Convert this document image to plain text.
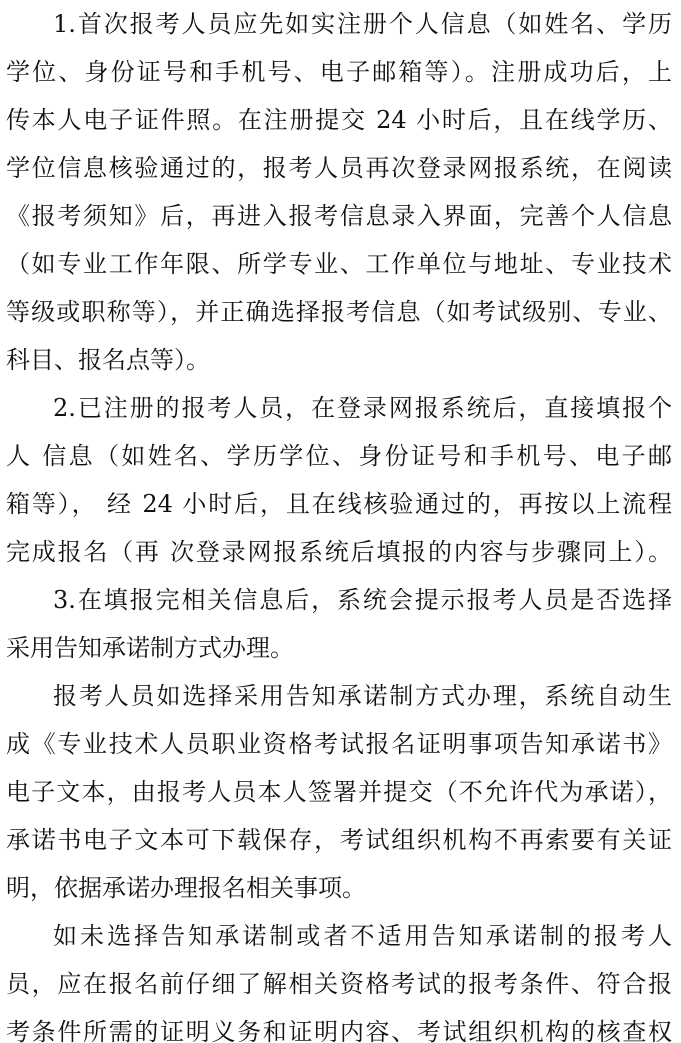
1.首次报考人员应先如实注册个人信息（如姓名、学历
学位、身份证号和手机号、电子邮箱等）。注册成功后，上
传本人电子证件照。在注册提交 24 小时后，且在线学历、
学位信息核验通过的，报考人员再次登录网报系统，在阅读
《报考须知》后，再进入报考信息录入界面，完善个人信息
（如专业工作年限、所学专业、工作单位与地址、专业技术
等级或职称等），并正确选择报考信息（如考试级别、专业、
科目、报名点等）。
2.已注册的报考人员，在登录网报系统后，直接填报个
人 信息（如姓名、学历学位、身份证号和手机号、电子邮
箱等）， 经 24 小时后，且在线核验通过的，再按以上流程
完成报名（再 次登录网报系统后填报的内容与步骤同上）。
3.在填报完相关信息后，系统会提示报考人员是否选择
采用告知承诺制方式办理。
报考人员如选择采用告知承诺制方式办理，系统自动生
成《专业技术人员职业资格考试报名证明事项告知承诺书》
电子文本，由报考人员本人签署并提交（不允许代为承诺），
承诺书电子文本可下载保存，考试组织机构不再索要有关证
明，依据承诺办理报名相关事项。
如未选择告知承诺制或者不适用告知承诺制的报考人
员，应在报名前仔细了解相关资格考试的报考条件、符合报
考条件所需的证明义务和证明内容、考试组织机构的核查权
